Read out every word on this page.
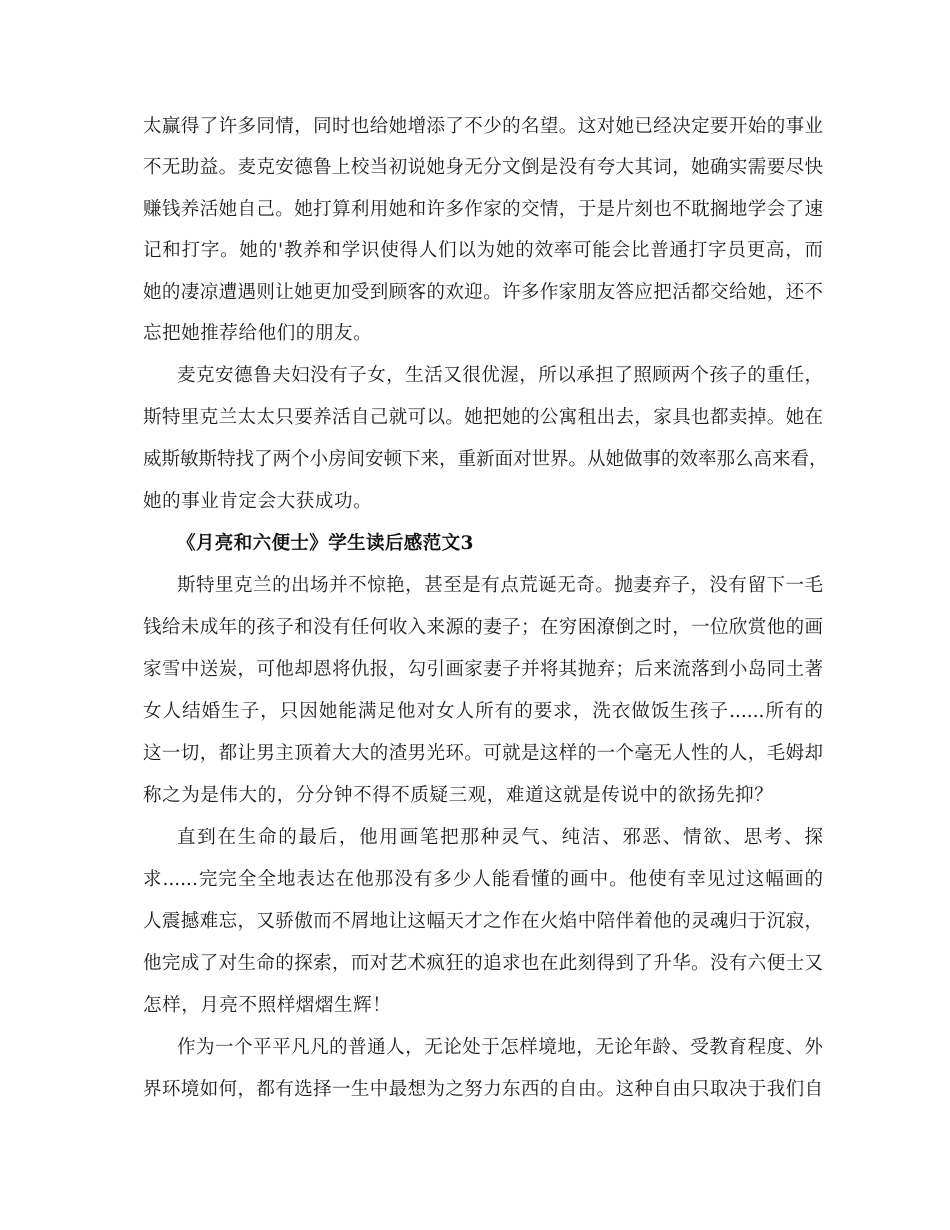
太赢得了许多同情，同时也给她增添了不少的名望。这对她已经决定要开始的事业
不无助益。麦克安德鲁上校当初说她身无分文倒是没有夸大其词，她确实需要尽快
赚钱养活她自己。她打算利用她和许多作家的交情，于是片刻也不耽搁地学会了速
记和打字。她的'教养和学识使得人们以为她的效率可能会比普通打字员更高，而
她的凄凉遭遇则让她更加受到顾客的欢迎。许多作家朋友答应把活都交给她，还不
忘把她推荐给他们的朋友。
麦克安德鲁夫妇没有子女，生活又很优渥，所以承担了照顾两个孩子的重任，
斯特里克兰太太只要养活自己就可以。她把她的公寓租出去，家具也都卖掉。她在
威斯敏斯特找了两个小房间安顿下来，重新面对世界。从她做事的效率那么高来看，
她的事业肯定会大获成功。
《月亮和六便士》学生读后感范文3
斯特里克兰的出场并不惊艳，甚至是有点荒诞无奇。抛妻弃子，没有留下一毛
钱给未成年的孩子和没有任何收入来源的妻子；在穷困潦倒之时，一位欣赏他的画
家雪中送炭，可他却恩将仇报，勾引画家妻子并将其抛弃；后来流落到小岛同土著
女人结婚生子，只因她能满足他对女人所有的要求，洗衣做饭生孩子......所有的
这一切，都让男主顶着大大的渣男光环。可就是这样的一个毫无人性的人，毛姆却
称之为是伟大的，分分钟不得不质疑三观，难道这就是传说中的欲扬先抑？
直到在生命的最后，他用画笔把那种灵气、纯洁、邪恶、情欲、思考、探
求......完完全全地表达在他那没有多少人能看懂的画中。他使有幸见过这幅画的
人震撼难忘，又骄傲而不屑地让这幅天才之作在火焰中陪伴着他的灵魂归于沉寂，
他完成了对生命的探索，而对艺术疯狂的追求也在此刻得到了升华。没有六便士又
怎样，月亮不照样熠熠生辉！
作为一个平平凡凡的普通人，无论处于怎样境地，无论年龄、受教育程度、外
界环境如何，都有选择一生中最想为之努力东西的自由。这种自由只取决于我们自
